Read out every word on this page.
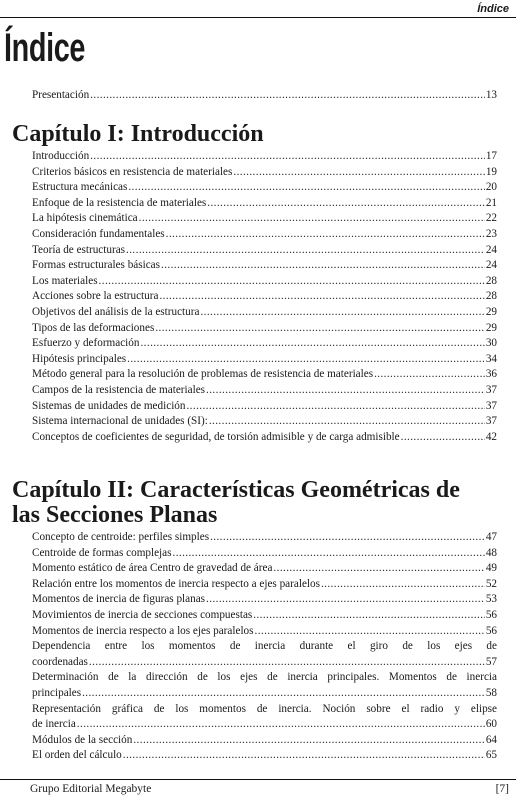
Índice
Índice
Presentación .....	13
Capítulo I: Introducción
Introducción .....	17
Criterios básicos en resistencia de materiales .....	19
Estructura mecánicas .....	20
Enfoque de la resistencia de materiales .....	21
La hipótesis cinemática .....	22
Consideración fundamentales .....	23
Teoría de estructuras .....	24
Formas estructurales básicas .....	24
Los materiales .....	28
Acciones sobre la estructura .....	28
Objetivos del análisis de la estructura .....	29
Tipos de las deformaciones .....	29
Esfuerzo y deformación .....	30
Hipótesis principales .....	34
Método general para la resolución de problemas de resistencia de materiales .....	36
Campos de la resistencia de materiales .....	37
Sistemas de unidades de medición .....	37
Sistema internacional de unidades (SI): .....	37
Conceptos de coeficientes de seguridad, de torsión admisible y de carga admisible .....	42
Capítulo II: Características Geométricas de
las Secciones Planas
Concepto de centroide: perfiles simples .....	47
Centroide de formas complejas .....	48
Momento estático de área Centro de gravedad de área .....	49
Relación entre los momentos de inercia respecto a ejes paralelos .....	52
Momentos de inercia de figuras planas .....	53
Movimientos de inercia de secciones compuestas .....	56
Momentos de inercia respecto a los ejes paralelos .....	56
Dependencia entre los momentos de inercia durante el giro de los ejes de
coordenadas .....	57
Determinación de la dirección de los ejes de inercia principales. Momentos de inercia
principales .....	58
Representación gráfica de los momentos de inercia. Noción sobre el radio y elipse
de inercia .....	60
Módulos de la sección .....	64
El orden del cálculo .....	65
Grupo Editorial Megabyte	[7]
